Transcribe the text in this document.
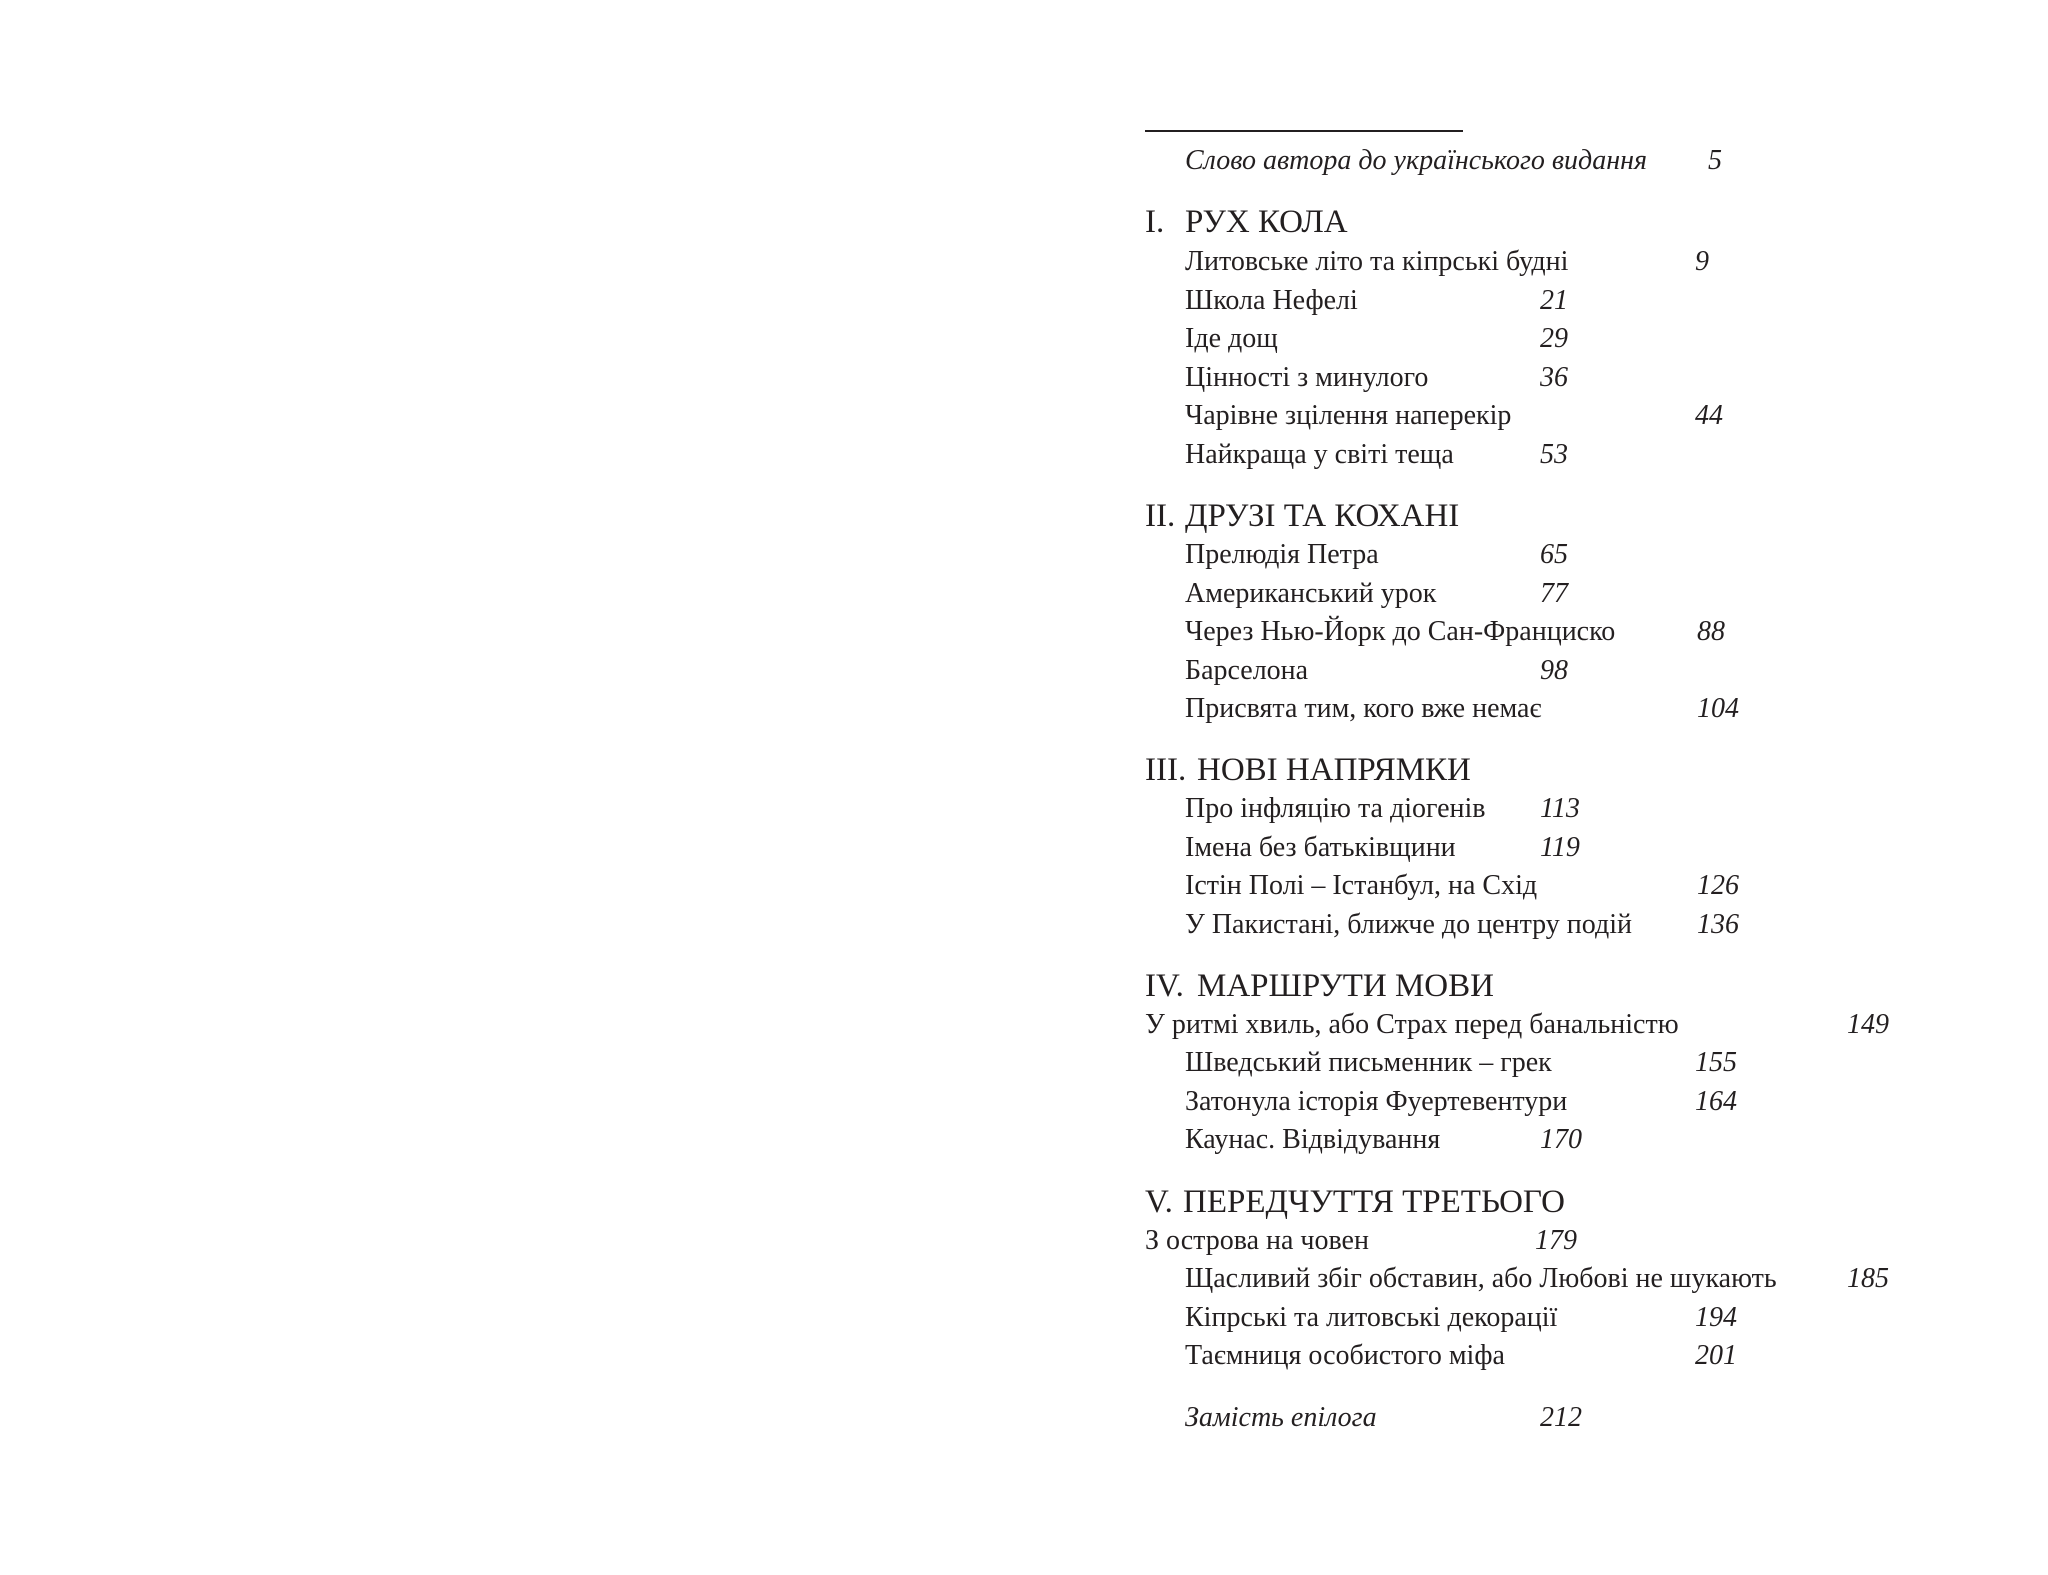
Слово автора до українського видання 5
I. РУХ КОЛА
Литовське літо та кіпрські будні	9
Школа Нефелі	21
Іде дощ	29
Цінності з минулого	36
Чарівне зцілення наперекір	44
Найкраща у світі теща	53
II. ДРУЗІ ТА КОХАНІ
Прелюдія Петра	65
Американський урок	77
Через Нью-Йорк до Сан-Франциско	88
Барселона	98
Присвята тим, кого вже немає	104
III. НОВІ НАПРЯМКИ
Про інфляцію та діогенів 113
Імена без батьківщини	119
Істін Полі – Істанбул, на Схід	126
У Пакистані, ближче до центру подій 136
IV. МАРШРУТИ МОВИ
У ритмі хвиль, або Страх перед банальністю	149
Шведський письменник – грек	155
Затонула історія Фуертевентури	164
Каунас. Відвідування	170
V. ПЕРЕДЧУТТЯ ТРЕТЬОГО
З острова на човен	179
Щасливий збіг обставин, або Любові не шукають	185
Кіпрські та литовські декорації	194
Таємниця особистого міфа	201
Замість епілога	212
